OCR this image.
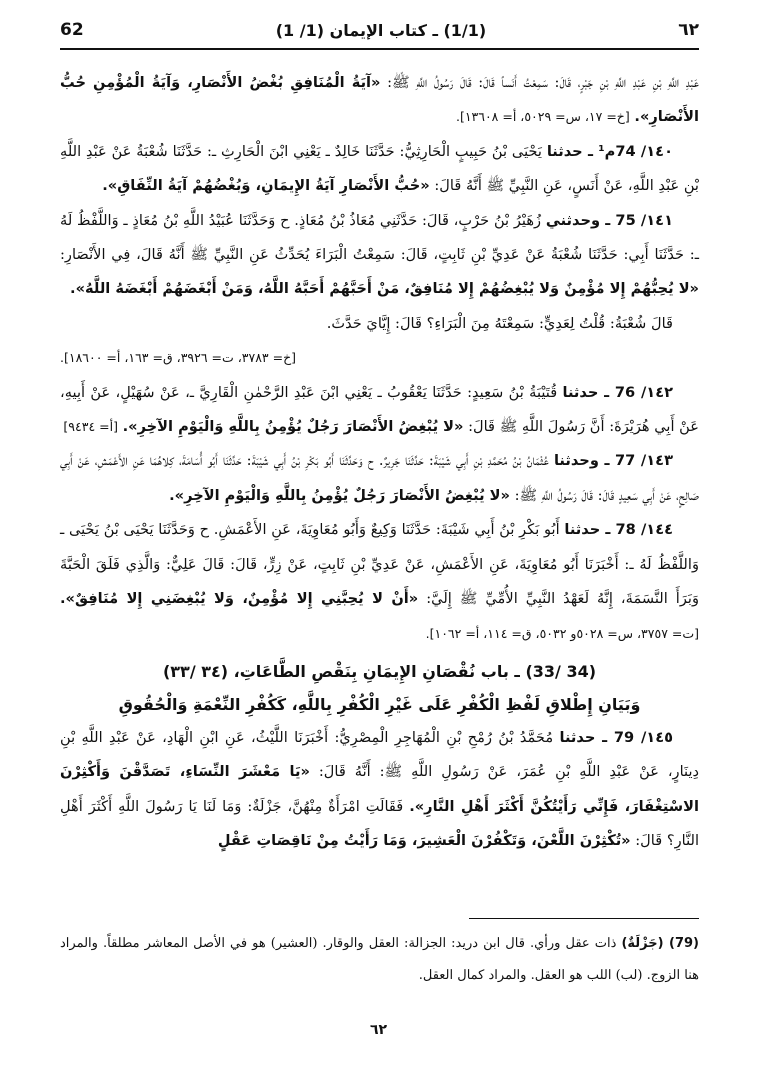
62	(1/1) ـ كتاب الإيمان (1/ 1)	٦٢

عَبْدِ اللَّهِ بْنِ عَبْدِ اللَّهِ بْنِ جَبْرٍ، قَالَ: سَمِعْتُ أَنَساً قَالَ: قَالَ رَسُولُ اللَّهِ ﷺ: «آيَةُ الْمُنَافِقِ بُغْضُ الأَنْصَارِ، وَآيَةُ الْمُؤْمِنِ حُبُّ الأَنْصَارِ». [خ= ١٧، س= ٥٠٢٩، أ= ١٣٦٠٨].

١٤٠/ 74م¹ ـ حدثنا يَحْيَى بْنُ حَبِيبٍ الْحَارِثِيُّ: حَدَّثَنَا خَالِدٌ ـ يَعْنِي ابْنَ الْحَارِثِ ـ: حَدَّثَنَا شُعْبَةُ عَنْ عَبْدِ اللَّهِ بْنِ عَبْدِ اللَّهِ، عَنْ أَنَسٍ، عَنِ النَّبِيِّ ﷺ أَنَّهُ قَالَ: «حُبُّ الأَنْصَارِ آيَةُ الإِيمَانِ، وَبُغْضُهُمْ آيَةُ النِّفَاقِ».

١٤١/ 75 ـ وحدثني زُهَيْرُ بْنُ حَرْبٍ، قَالَ: حَدَّثَنِي مُعَاذُ بْنُ مُعَاذٍ. ح وَحَدَّثَنَا عُبَيْدُ اللَّهِ بْنُ مُعَاذٍ ـ وَاللَّفْظُ لَهُ ـ: حَدَّثَنَا أَبِي: حَدَّثَنَا شُعْبَةُ عَنْ عَدِيِّ بْنِ ثَابِتٍ، قَالَ: سَمِعْتُ الْبَرَاءَ يُحَدِّثُ عَنِ النَّبِيِّ ﷺ أَنَّهُ قَالَ، فِي الأَنْصَارِ: «لا يُحِبُّهُمْ إِلا مُؤْمِنٌ وَلا يُبْغِضُهُمْ إِلا مُنَافِقٌ، مَنْ أَحَبَّهُمْ أَحَبَّهُ اللَّهُ، وَمَنْ أَبْغَضَهُمْ أَبْغَضَهُ اللَّهُ».

قَالَ شُعْبَةُ: قُلْتُ لِعَدِيٍّ: سَمِعْتَهُ مِنَ الْبَرَاءِ؟ قَالَ: إِيَّايَ حَدَّثَ.

[خ= ٣٧٨٣، ت= ٣٩٢٦، ق= ١٦٣، أ= ١٨٦٠٠].

١٤٢/ 76 ـ حدثنا قُتَيْبَةُ بْنُ سَعِيدٍ: حَدَّثَنَا يَعْقُوبُ ـ يَعْنِي ابْنَ عَبْدِ الرَّحْمٰنِ الْقَارِيَّ ـ، عَنْ سُهَيْلٍ، عَنْ أَبِيهِ، عَنْ أَبِي هُرَيْرَةَ: أَنَّ رَسُولَ اللَّهِ ﷺ قَالَ: «لا يُبْغِضُ الأَنْصَارَ رَجُلٌ يُؤْمِنُ بِاللَّهِ وَالْيَوْمِ الآخِرِ». [أ= ٩٤٣٤]

١٤٣/ 77 ـ وحدثنا عُثْمَانُ بْنُ مُحَمَّدِ بْنِ أَبِي شَيْبَةَ: حَدَّثَنَا جَرِيرٌ. ح وَحَدَّثَنَا أَبُو بَكْرِ بْنُ أَبِي شَيْبَةَ: حَدَّثَنَا أَبُو أُسَامَةَ، كِلاهُمَا عَنِ الأَعْمَشِ، عَنْ أَبِي صَالِحٍ، عَنْ أَبِي سَعِيدٍ قَالَ: قَالَ رَسُولُ اللَّهِ ﷺ: «لا يُبْغِضُ الأَنْصَارَ رَجُلٌ يُؤْمِنُ بِاللَّهِ وَالْيَوْمِ الآخِرِ».

١٤٤/ 78 ـ حدثنا أَبُو بَكْرِ بْنُ أَبِي شَيْبَةَ: حَدَّثَنَا وَكِيعٌ وَأَبُو مُعَاوِيَةَ، عَنِ الأَعْمَشِ. ح وَحَدَّثَنَا يَحْيَى بْنُ يَحْيَى ـ وَاللَّفْظُ لَهُ ـ: أَخْبَرَنَا أَبُو مُعَاوِيَةَ، عَنِ الأَعْمَشِ، عَنْ عَدِيِّ بْنِ ثَابِتٍ، عَنْ زِرٍّ، قَالَ: قَالَ عَلِيٌّ: وَالَّذِي فَلَقَ الْحَبَّةَ وَبَرَأَ النَّسَمَةَ، إِنَّهُ لَعَهْدُ النَّبِيِّ الأُمِّيِّ ﷺ إِلَيَّ: «أَنْ لا يُحِبَّنِي إِلا مُؤْمِنٌ، وَلا يُبْغِضَنِي إِلا مُنَافِقٌ». [ت= ٣٧٥٧، س= ٥٠٢٨و ٥٠٣٢، ق= ١١٤، أ= ١٠٦٢].

(34 /33) ـ باب نُقْصَانِ الإِيمَانِ بِنَقْصِ الطَّاعَاتِ، (٣٤ /٣٣)
وَبَيَانِ إِطْلاقِ لَفْظِ الْكُفْرِ عَلَى غَيْرِ الْكُفْرِ بِاللَّهِ، كَكُفْرِ النِّعْمَةِ وَالْحُقُوقِ

١٤٥/ 79 ـ حدثنا مُحَمَّدُ بْنُ رُمْحِ بْنِ الْمُهَاجِرِ الْمِصْرِيُّ: أَخْبَرَنَا اللَّيْثُ، عَنِ ابْنِ الْهَادِ، عَنْ عَبْدِ اللَّهِ بْنِ دِينَارٍ، عَنْ عَبْدِ اللَّهِ بْنِ عُمَرَ، عَنْ رَسُولِ اللَّهِ ﷺ: أَنَّهُ قَالَ: «يَا مَعْشَرَ النِّسَاءِ، تَصَدَّقْنَ وَأَكْثِرْنَ الاسْتِغْفَارَ، فَإِنِّي رَأَيْتُكُنَّ أَكْثَرَ أَهْلِ النَّارِ». فَقَالَتِ امْرَأَةٌ مِنْهُنَّ، جَزْلَةٌ: وَمَا لَنَا يَا رَسُولَ اللَّهِ أَكْثَرَ أَهْلِ النَّارِ؟ قَالَ: «تُكْثِرْنَ اللَّعْنَ، وَتَكْفُرْنَ الْعَشِيرَ، وَمَا رَأَيْتُ مِنْ نَاقِصَاتِ عَقْلٍ

(79) (جَزْلَةٌ) ذات عقل ورأي. قال ابن دريد: الجزالة: العقل والوقار. (العشير) هو في الأصل المعاشر مطلقاً. والمراد هنا الزوج. (لب) اللب هو العقل. والمراد كمال العقل.
٦٢
